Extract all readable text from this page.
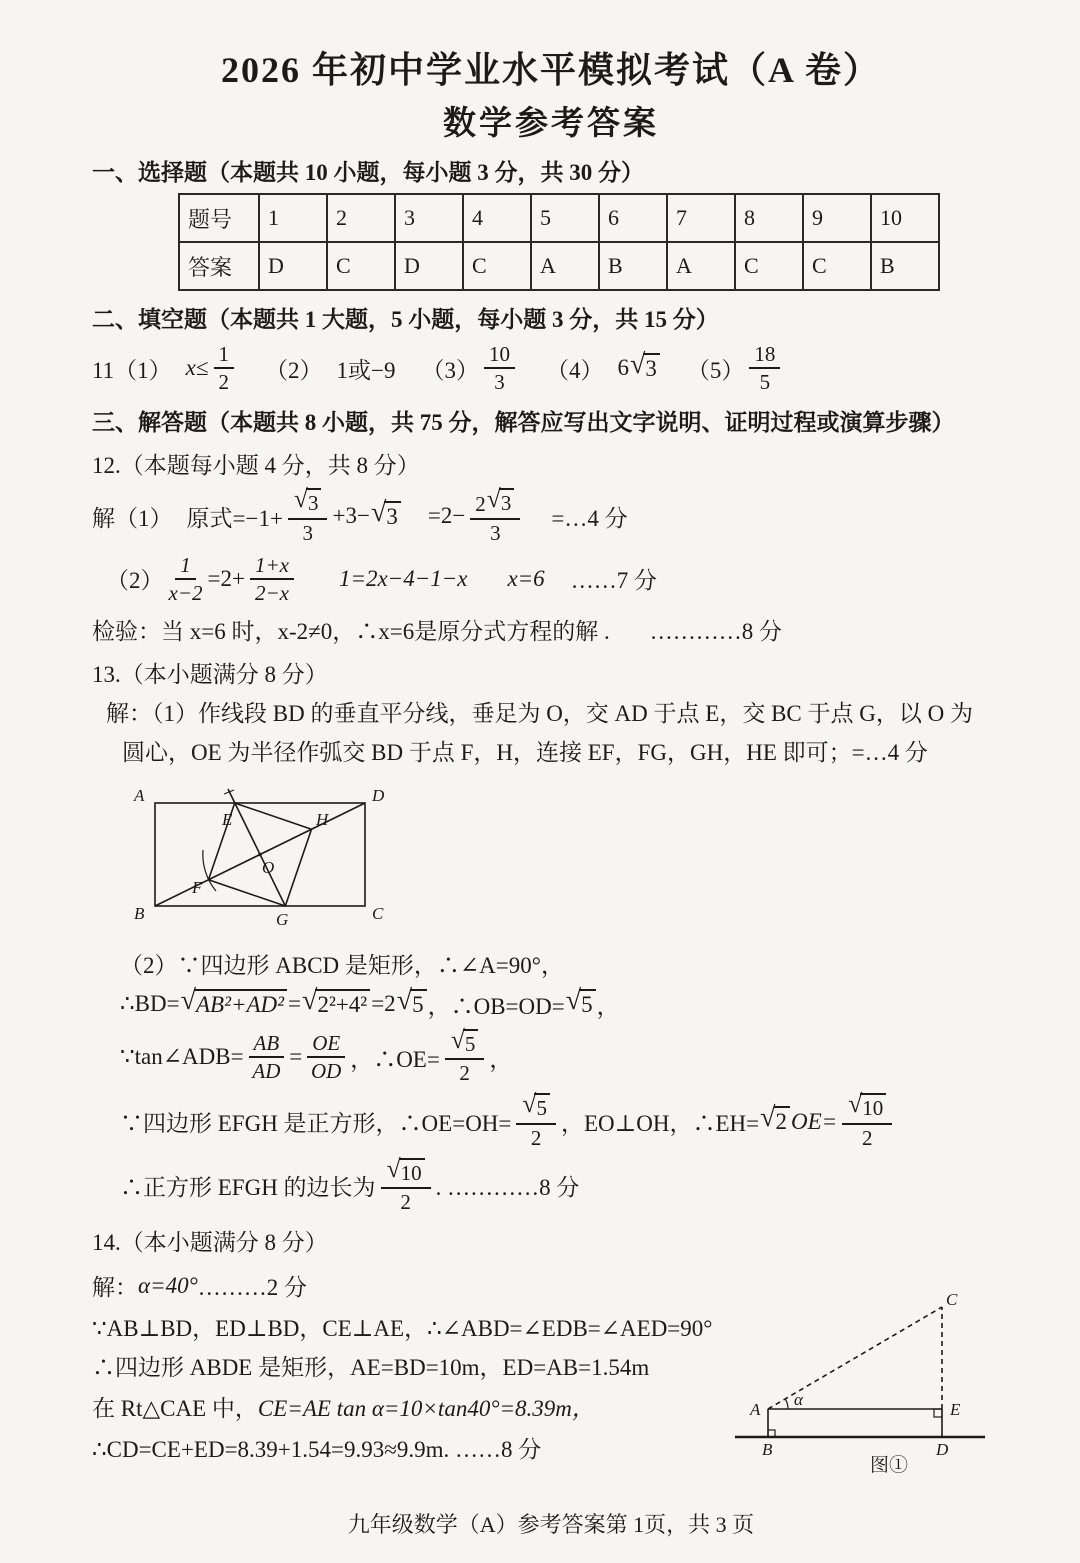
2026 年初中学业水平模拟考试（A 卷）
数学参考答案
一、选择题（本题共 10 小题，每小题 3 分，共 30 分）
题号	1	2	3	4	5	6	7	8	9	10
答案	D	C	D	C	A	B	A	C	C	B
二、填空题（本题共 1 大题，5 小题，每小题 3 分，共 15 分）
11（1） $x\le \frac{1}{2} (2)$ 1或−9 $(3) \frac{10}{3} (4)$ 6 √ 3 $(5) \frac{18}{5}$
三、解答题（本题共 8 小题，共 75 分，解答应写出文字说明、证明过程或演算步骤）
12.（本题每小题 4 分，共 8 分）
解（1） 原式=−1+ √ $\frac{3}{3} +3-$ √ $3 =2- \frac{2 √ 3}{3}$ =…4 分
$(2) \frac{1}{x-2} =2+ \frac{1+x}{2-x} 1=2x-4-1-x$ x=6 ……7 分
检验：当 x=6 时，x-2≠0，∴x=6是原分式方程的解 . …………8 分
13.（本小题满分 8 分）
解：（1）作线段 BD 的垂直平分线，垂足为 O，交 AD 于点 E，交 BC 于点 G，以 O 为
圆心，OE 为半径作弧交 BD 于点 F，H，连接 EF，FG，GH，HE 即可；=…4 分
A	D
B	C
E
F
G
H
O
（2）∵四边形 ABCD 是矩形，∴∠A=90°，
∴BD= √ AB²+AD² = √ 2²+4² =2 √ 5 ，∴OB=OD= √ 5 ，
∵tan∠ADB= $\frac{AB}{AD} = \frac{OE}{OD}$ ，∴OE= √ $\frac{5}{2}$ ，
∵四边形 EFGH 是正方形，∴OE=OH= √ $\frac{5}{2}$ ，EO⊥OH，∴EH= √ 2 OE= √ $\frac{10}{2}$
∴正方形 EFGH 的边长为 √ $\frac{10}{2}$ . …………8 分
14.（本小题满分 8 分）
解： α=40° ………2 分
∵AB⊥BD，ED⊥BD，CE⊥AE，∴∠ABD=∠EDB=∠AED=90°
∴四边形 ABDE 是矩形，AE=BD=10m，ED=AB=1.54m
在 Rt△CAE 中， CE=AE tan α=10×tan40°=8.39m，
∴CD=CE+ED=8.39+1.54=9.93≈9.9m. ……8 分
A
B	D
E
C
α
图①
九年级数学（A）参考答案第 1页，共 3 页
